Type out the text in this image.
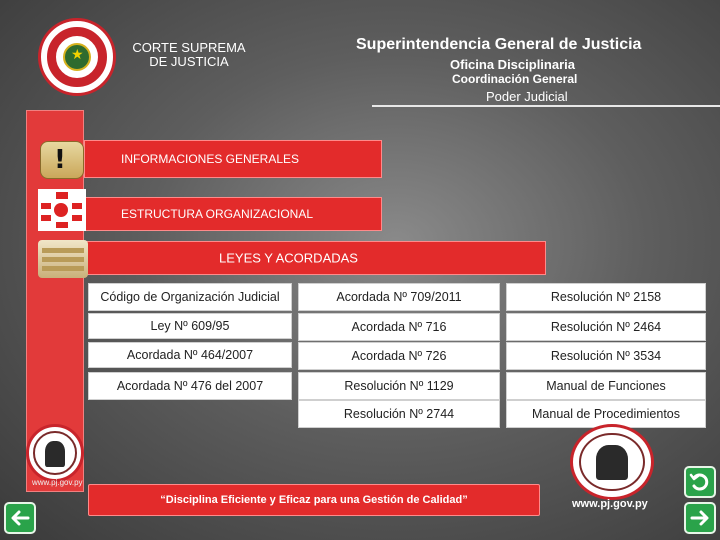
★	CORTE SUPREMA
DE JUSTICIA
Superintendencia General de Justicia
Oficina Disciplinaria
Coordinación General
Poder Judicial
INFORMACIONES GENERALES
!
ESTRUCTURA ORGANIZACIONAL
LEYES Y ACORDADAS
Código de Organización Judicial
Ley Nº 609/95
Acordada Nº 464/2007
Acordada Nº 476 del 2007
Acordada Nº 709/2011
Acordada Nº 716
Acordada Nº 726
Resolución Nº 1129
Resolución Nº 2744
Resolución Nº 2158
Resolución Nº 2464
Resolución Nº 3534
Manual de Funciones
Manual de Procedimientos
www.pj.gov.py
www.pj.gov.py
“Disciplina Eficiente y Eficaz para una Gestión de Calidad”
